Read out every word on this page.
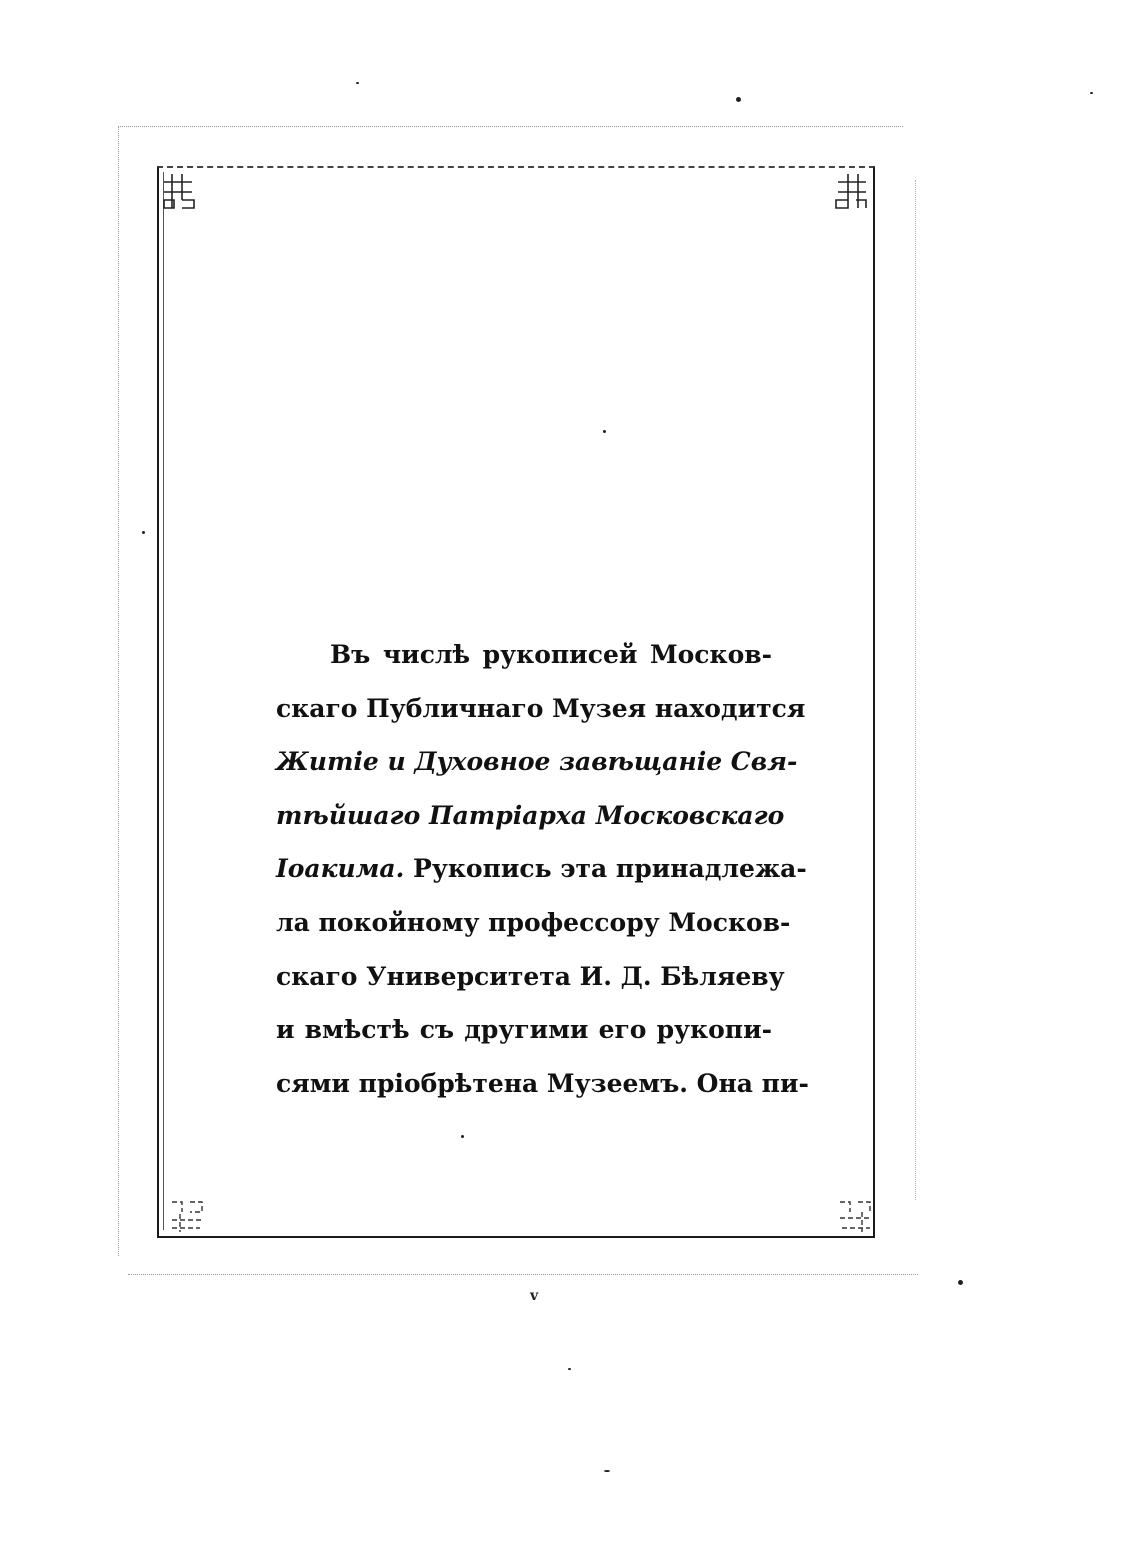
Въ числѣ рукописей Москов-
скаго Публичнаго Музея находится
Житіе и Духовное завѣщаніе Свя-
тѣйшаго Патріарха Московскаго
Іоакима. Рукопись эта принадлежа-
ла покойному профессору Москов-
скаго Университета И. Д. Бѣляеву
и вмѣстѣ съ другими его рукопи-
сями пріобрѣтена Музеемъ. Она пи-
v
